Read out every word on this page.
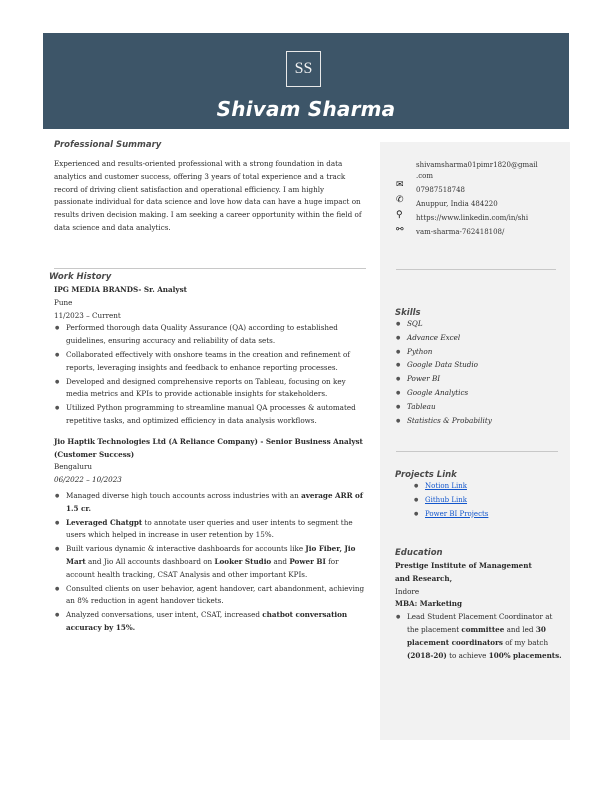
SS
Shivam Sharma
shivamsharma01pimr1820@gmail
.com
07987518748
Anuppur, India 484220
https://www.linkedin.com/in/shi
vam-sharma-762418108/
✉
✆
⚲
⚯
Skills
● SQL
● Advance Excel
● Python
● Google Data Studio
● Power BI
● Google Analytics
● Tableau
● Statistics & Probability
Projects Link
● Notion Link
● Github Link
● Power BI Projects
Education
Prestige Institute of Management
and Research,
Indore
MBA: Marketing
● Lead Student Placement Coordinator at the placement committee and led 30 placement coordinators of my batch (2018-20) to achieve 100% placements.
Professional Summary
Experienced and results-oriented professional with a strong foundation in data analytics and customer success, offering 3 years of total experience and a track record of driving client satisfaction and operational efficiency. I am highly passionate individual for data science and love how data can have a huge impact on results driven decision making. I am seeking a career opportunity within the field of data science and data analytics.
Work History
IPG MEDIA BRANDS- Sr. Analyst
Pune
11/2023 – Current
● Performed thorough data Quality Assurance (QA) according to established guidelines, ensuring accuracy and reliability of data sets.
● Collaborated effectively with onshore teams in the creation and refinement of reports, leveraging insights and feedback to enhance reporting processes.
● Developed and designed comprehensive reports on Tableau, focusing on key media metrics and KPIs to provide actionable insights for stakeholders.
● Utilized Python programming to streamline manual QA processes & automated repetitive tasks, and optimized efficiency in data analysis workflows.
Jio Haptik Technologies Ltd (A Reliance Company) - Senior Business Analyst (Customer Success)
Bengaluru
06/2022 – 10/2023
● Managed diverse high touch accounts across industries with an average ARR of 1.5 cr.
● Leveraged Chatgpt to annotate user queries and user intents to segment the users which helped in increase in user retention by 15%.
● Built various dynamic & interactive dashboards for accounts like Jio Fiber, Jio Mart and Jio All accounts dashboard on Looker Studio and Power BI for account health tracking, CSAT Analysis and other important KPIs.
● Consulted clients on user behavior, agent handover, cart abandonment, achieving an 8% reduction in agent handover tickets.
● Analyzed conversations, user intent, CSAT, increased chatbot conversation accuracy by 15%.
